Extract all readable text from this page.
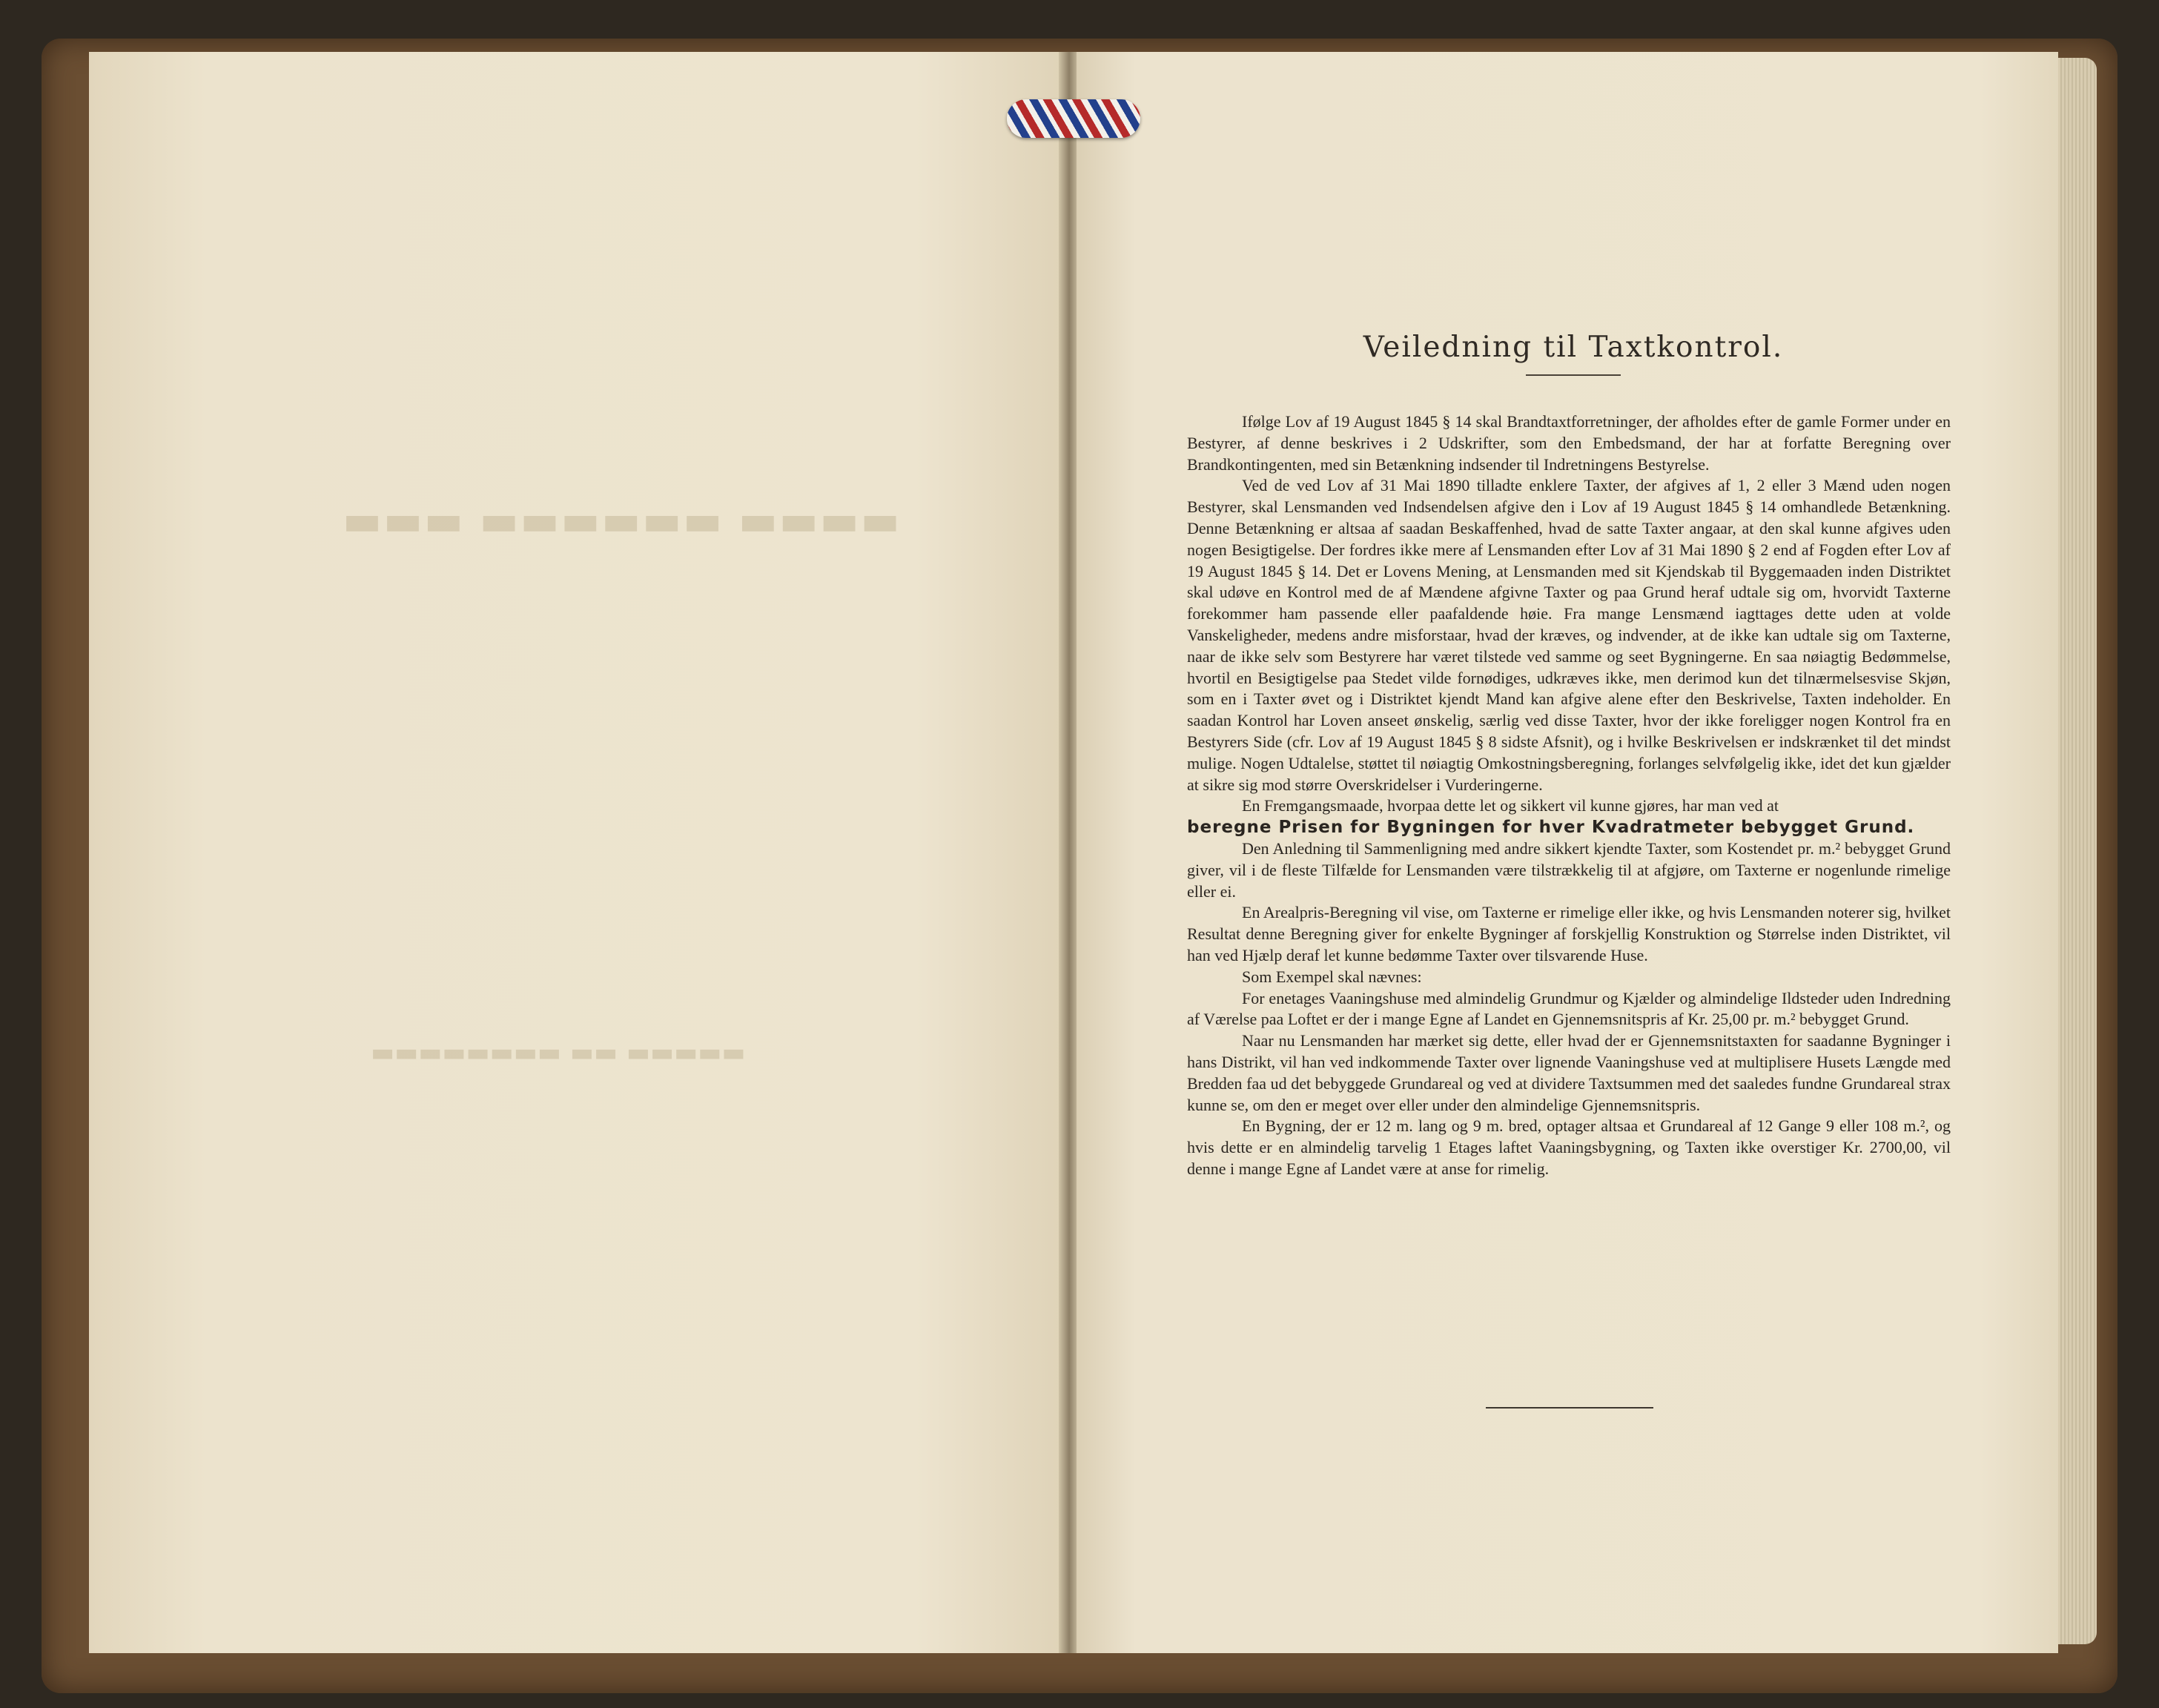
▬▬▬▬ ▬▬▬▬▬▬ ▬▬▬
▬▬▬▬▬ ▬▬ ▬▬▬▬▬▬▬▬
Veiledning til Taxtkontrol.

Ifølge Lov af 19 August 1845 § 14 skal Brandtaxtforretninger, der afholdes efter de gamle Former under en Bestyrer, af denne beskrives i 2 Udskrifter, som den Embedsmand, der har at forfatte Beregning over Brandkontingenten, med sin Betænkning indsender til Indretningens Bestyrelse.

Ved de ved Lov af 31 Mai 1890 tilladte enklere Taxter, der afgives af 1, 2 eller 3 Mænd uden nogen Bestyrer, skal Lensmanden ved Indsendelsen afgive den i Lov af 19 August 1845 § 14 omhandlede Betænkning. Denne Betænkning er altsaa af saadan Beskaffenhed, hvad de satte Taxter angaar, at den skal kunne afgives uden nogen Besigtigelse. Der fordres ikke mere af Lensmanden efter Lov af 31 Mai 1890 § 2 end af Fogden efter Lov af 19 August 1845 § 14. Det er Lovens Mening, at Lensmanden med sit Kjendskab til Byggemaaden inden Distriktet skal udøve en Kontrol med de af Mændene afgivne Taxter og paa Grund heraf udtale sig om, hvorvidt Taxterne forekommer ham passende eller paafaldende høie. Fra mange Lensmænd iagttages dette uden at volde Vanskeligheder, medens andre misforstaar, hvad der kræves, og indvender, at de ikke kan udtale sig om Taxterne, naar de ikke selv som Bestyrere har været tilstede ved samme og seet Bygningerne. En saa nøiagtig Bedømmelse, hvortil en Besigtigelse paa Stedet vilde fornødiges, udkræves ikke, men derimod kun det tilnærmelsesvise Skjøn, som en i Taxter øvet og i Distriktet kjendt Mand kan afgive alene efter den Beskrivelse, Taxten indeholder. En saadan Kontrol har Loven anseet ønskelig, særlig ved disse Taxter, hvor der ikke foreligger nogen Kontrol fra en Bestyrers Side (cfr. Lov af 19 August 1845 § 8 sidste Afsnit), og i hvilke Beskrivelsen er indskrænket til det mindst mulige. Nogen Udtalelse, støttet til nøiagtig Omkostningsberegning, forlanges selvfølgelig ikke, idet det kun gjælder at sikre sig mod større Overskridelser i Vurderingerne.

En Fremgangsmaade, hvorpaa dette let og sikkert vil kunne gjøres, har man ved at

beregne Prisen for Bygningen for hver Kvadratmeter bebygget Grund.

Den Anledning til Sammenligning med andre sikkert kjendte Taxter, som Kostendet pr. m.² bebygget Grund giver, vil i de fleste Tilfælde for Lensmanden være tilstrækkelig til at afgjøre, om Taxterne er nogenlunde rimelige eller ei.

En Arealpris-Beregning vil vise, om Taxterne er rimelige eller ikke, og hvis Lensmanden noterer sig, hvilket Resultat denne Beregning giver for enkelte Bygninger af forskjellig Konstruktion og Størrelse inden Distriktet, vil han ved Hjælp deraf let kunne bedømme Taxter over tilsvarende Huse.

Som Exempel skal nævnes:

For enetages Vaaningshuse med almindelig Grundmur og Kjælder og almindelige Ildsteder uden Indredning af Værelse paa Loftet er der i mange Egne af Landet en Gjennemsnitspris af Kr. 25,00 pr. m.² bebygget Grund.

Naar nu Lensmanden har mærket sig dette, eller hvad der er Gjennemsnitstaxten for saadanne Bygninger i hans Distrikt, vil han ved indkommende Taxter over lignende Vaaningshuse ved at multiplisere Husets Længde med Bredden faa ud det bebyggede Grundareal og ved at dividere Taxtsummen med det saaledes fundne Grundareal strax kunne se, om den er meget over eller under den almindelige Gjennemsnitspris.

En Bygning, der er 12 m. lang og 9 m. bred, optager altsaa et Grundareal af 12 Gange 9 eller 108 m.², og hvis dette er en almindelig tarvelig 1 Etages laftet Vaaningsbygning, og Taxten ikke overstiger Kr. 2700,00, vil denne i mange Egne af Landet være at anse for rimelig.
